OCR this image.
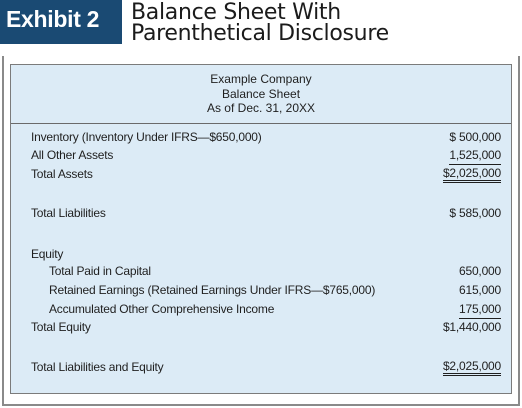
Exhibit 2	Balance Sheet With
Parenthetical Disclosure
Example Company
Balance Sheet
As of Dec. 31, 20XX
Inventory (Inventory Under IFRS—$650,000)	$ 500,000
All Other Assets	1,525,000
Total Assets	$2,025,000
Total Liabilities	$ 585,000
Equity
Total Paid in Capital	650,000
Retained Earnings (Retained Earnings Under IFRS—$765,000)	615,000
Accumulated Other Comprehensive Income	175,000
Total Equity	$1,440,000
Total Liabilities and Equity	$2,025,000
